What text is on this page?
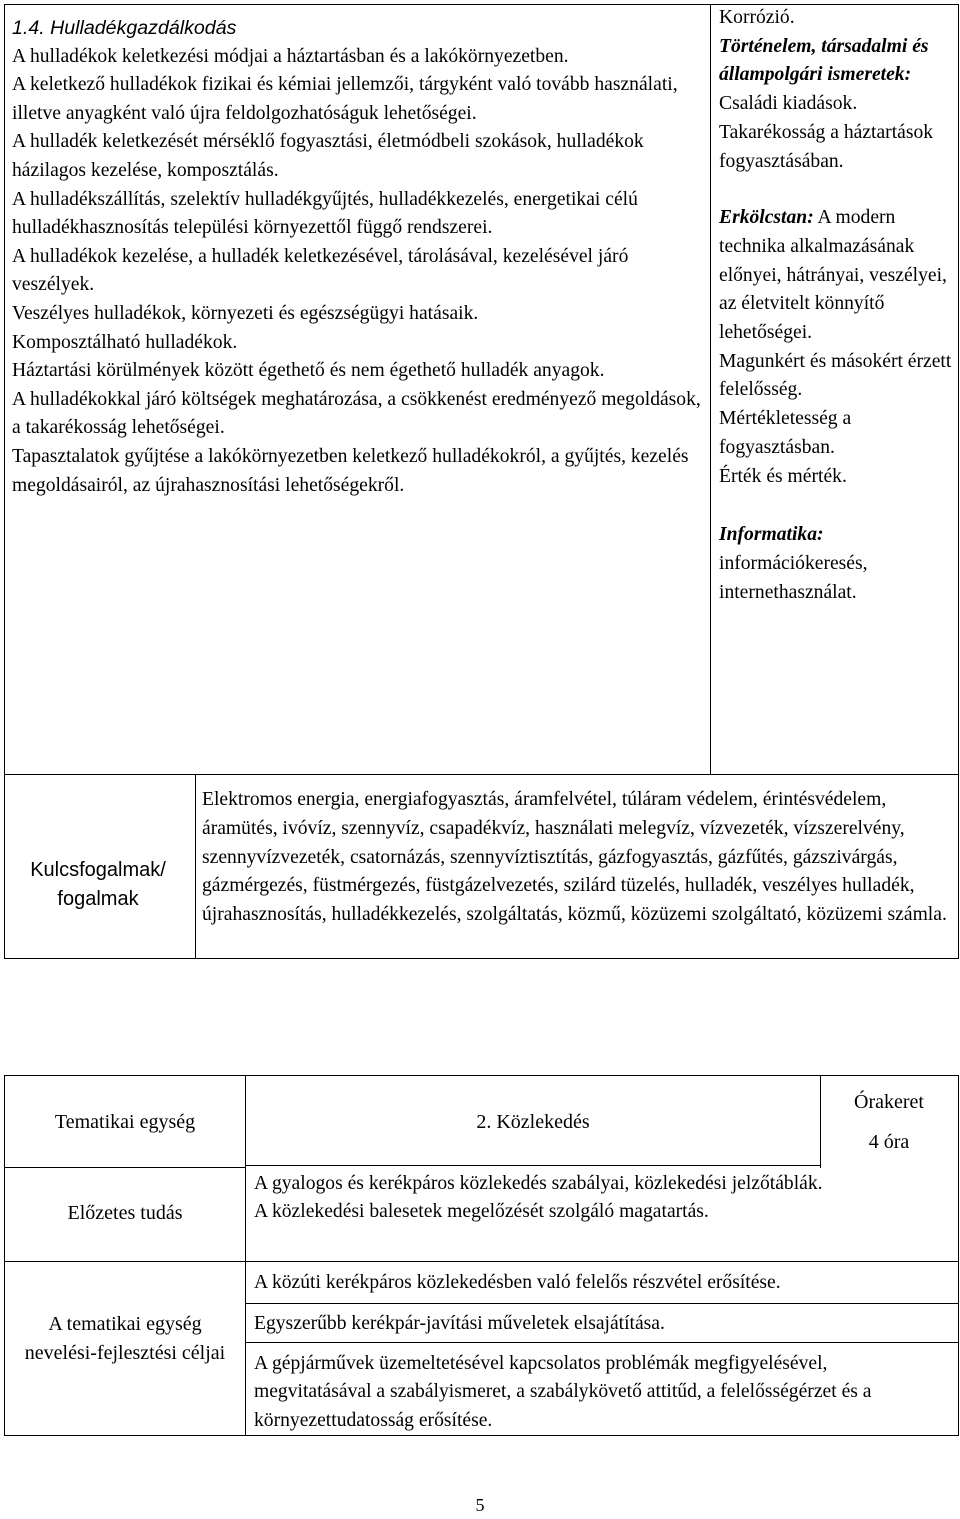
1.4. Hulladékgazdálkodás

A hulladékok keletkezési módjai a háztartásban és a lakókörnyezetben.

A keletkező hulladékok fizikai és kémiai jellemzői, tárgyként való tovább használati, illetve anyagként való újra feldolgozhatóságuk lehetőségei.

A hulladék keletkezését mérséklő fogyasztási, életmódbeli szokások, hulladékok házilagos kezelése, komposztálás.

A hulladékszállítás, szelektív hulladékgyűjtés, hulladékkezelés, energetikai célú hulladékhasznosítás települési környezettől függő rendszerei.

A hulladékok kezelése, a hulladék keletkezésével, tárolásával, kezelésével járó veszélyek.

Veszélyes hulladékok, környezeti és egészségügyi hatásaik.

Komposztálható hulladékok.

Háztartási körülmények között égethető és nem égethető hulladék anyagok.

A hulladékokkal járó költségek meghatározása, a csökkenést eredményező megoldások, a takarékosság lehetőségei.

Tapasztalatok gyűjtése a lakókörnyezetben keletkező hulladékokról, a gyűjtés, kezelés megoldásairól, az újrahasznosítási lehetőségekről.

Korrózió.

Történelem, társadalmi és állampolgári ismeretek: Családi kiadások.

Takarékosság a háztartások fogyasztásában.

Erkölcstan: A modern technika alkalmazásának előnyei, hátrányai, veszélyei, az életvitelt könnyítő lehetőségei.

Magunkért és másokért érzett felelősség.

Mértékletesség a fogyasztásban.

Érték és mérték.

Informatika:

információkeresés, internethasználat.

Kulcsfogalmak/ fogalmak
Elektromos energia, energiafogyasztás, áramfelvétel, túláram védelem, érintésvédelem, áramütés, ivóvíz, szennyvíz, csapadékvíz, használati melegvíz, vízvezeték, vízszerelvény, szennyvízvezeték, csatornázás, szennyvíztisztítás, gázfogyasztás, gázfűtés, gázszivárgás, gázmérgezés, füstmérgezés, füstgázelvezetés, szilárd tüzelés, hulladék, veszélyes hulladék, újrahasznosítás, hulladékkezelés, szolgáltatás, közmű, közüzemi szolgáltató, közüzemi számla.
Tematikai egység	2. Közlekedés
Órakeret
4 óra
Előzetes tudás

A gyalogos és kerékpáros közlekedés szabályai, közlekedési jelzőtáblák.

A közlekedési balesetek megelőzését szolgáló magatartás.

A tematikai egység nevelési-fejlesztési céljai
A közúti kerékpáros közlekedésben való felelős részvétel erősítése.
Egyszerűbb kerékpár-javítási műveletek elsajátítása.
A gépjárművek üzemeltetésével kapcsolatos problémák megfigyelésével, megvitatásával a szabályismeret, a szabálykövető attitűd, a felelősségérzet és a környezettudatosság erősítése.
5
